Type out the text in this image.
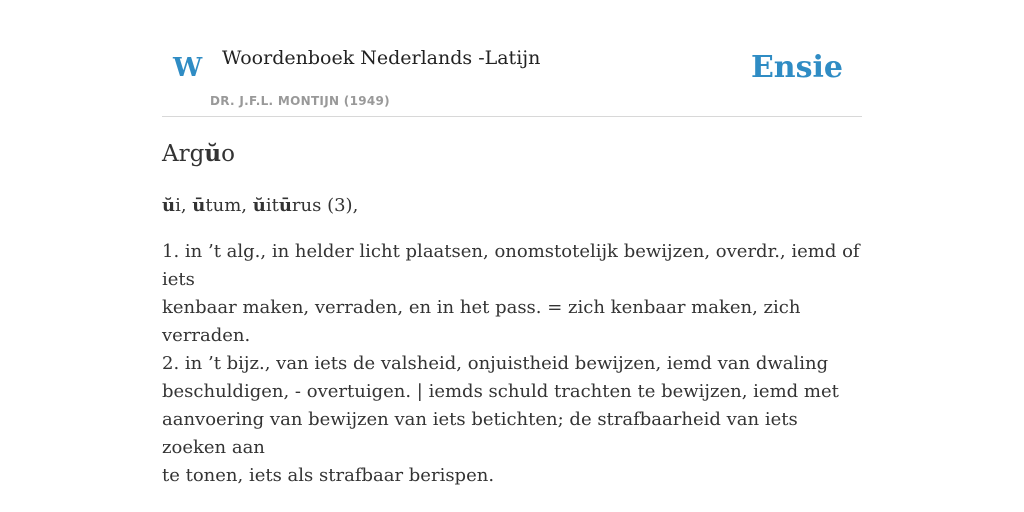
W Woordenboek Nederlands -Latijn
DR. J.F.L. MONTIJN (1949)
Ensie
Argŭo

ŭi, ūtum, ŭitūrus (3),

1. in ’t alg., in helder licht plaatsen, onomstotelijk bewijzen, overdr., iemd of iets
kenbaar maken, verraden, en in het pass. = zich kenbaar maken, zich verraden.
2. in ’t bijz., van iets de valsheid, onjuistheid bewijzen, iemd van dwaling
beschuldigen, - overtuigen. | iemds schuld trachten te bewijzen, iemd met
aanvoering van bewijzen van iets betichten; de strafbaarheid van iets zoeken aan
te tonen, iets als strafbaar berispen.
